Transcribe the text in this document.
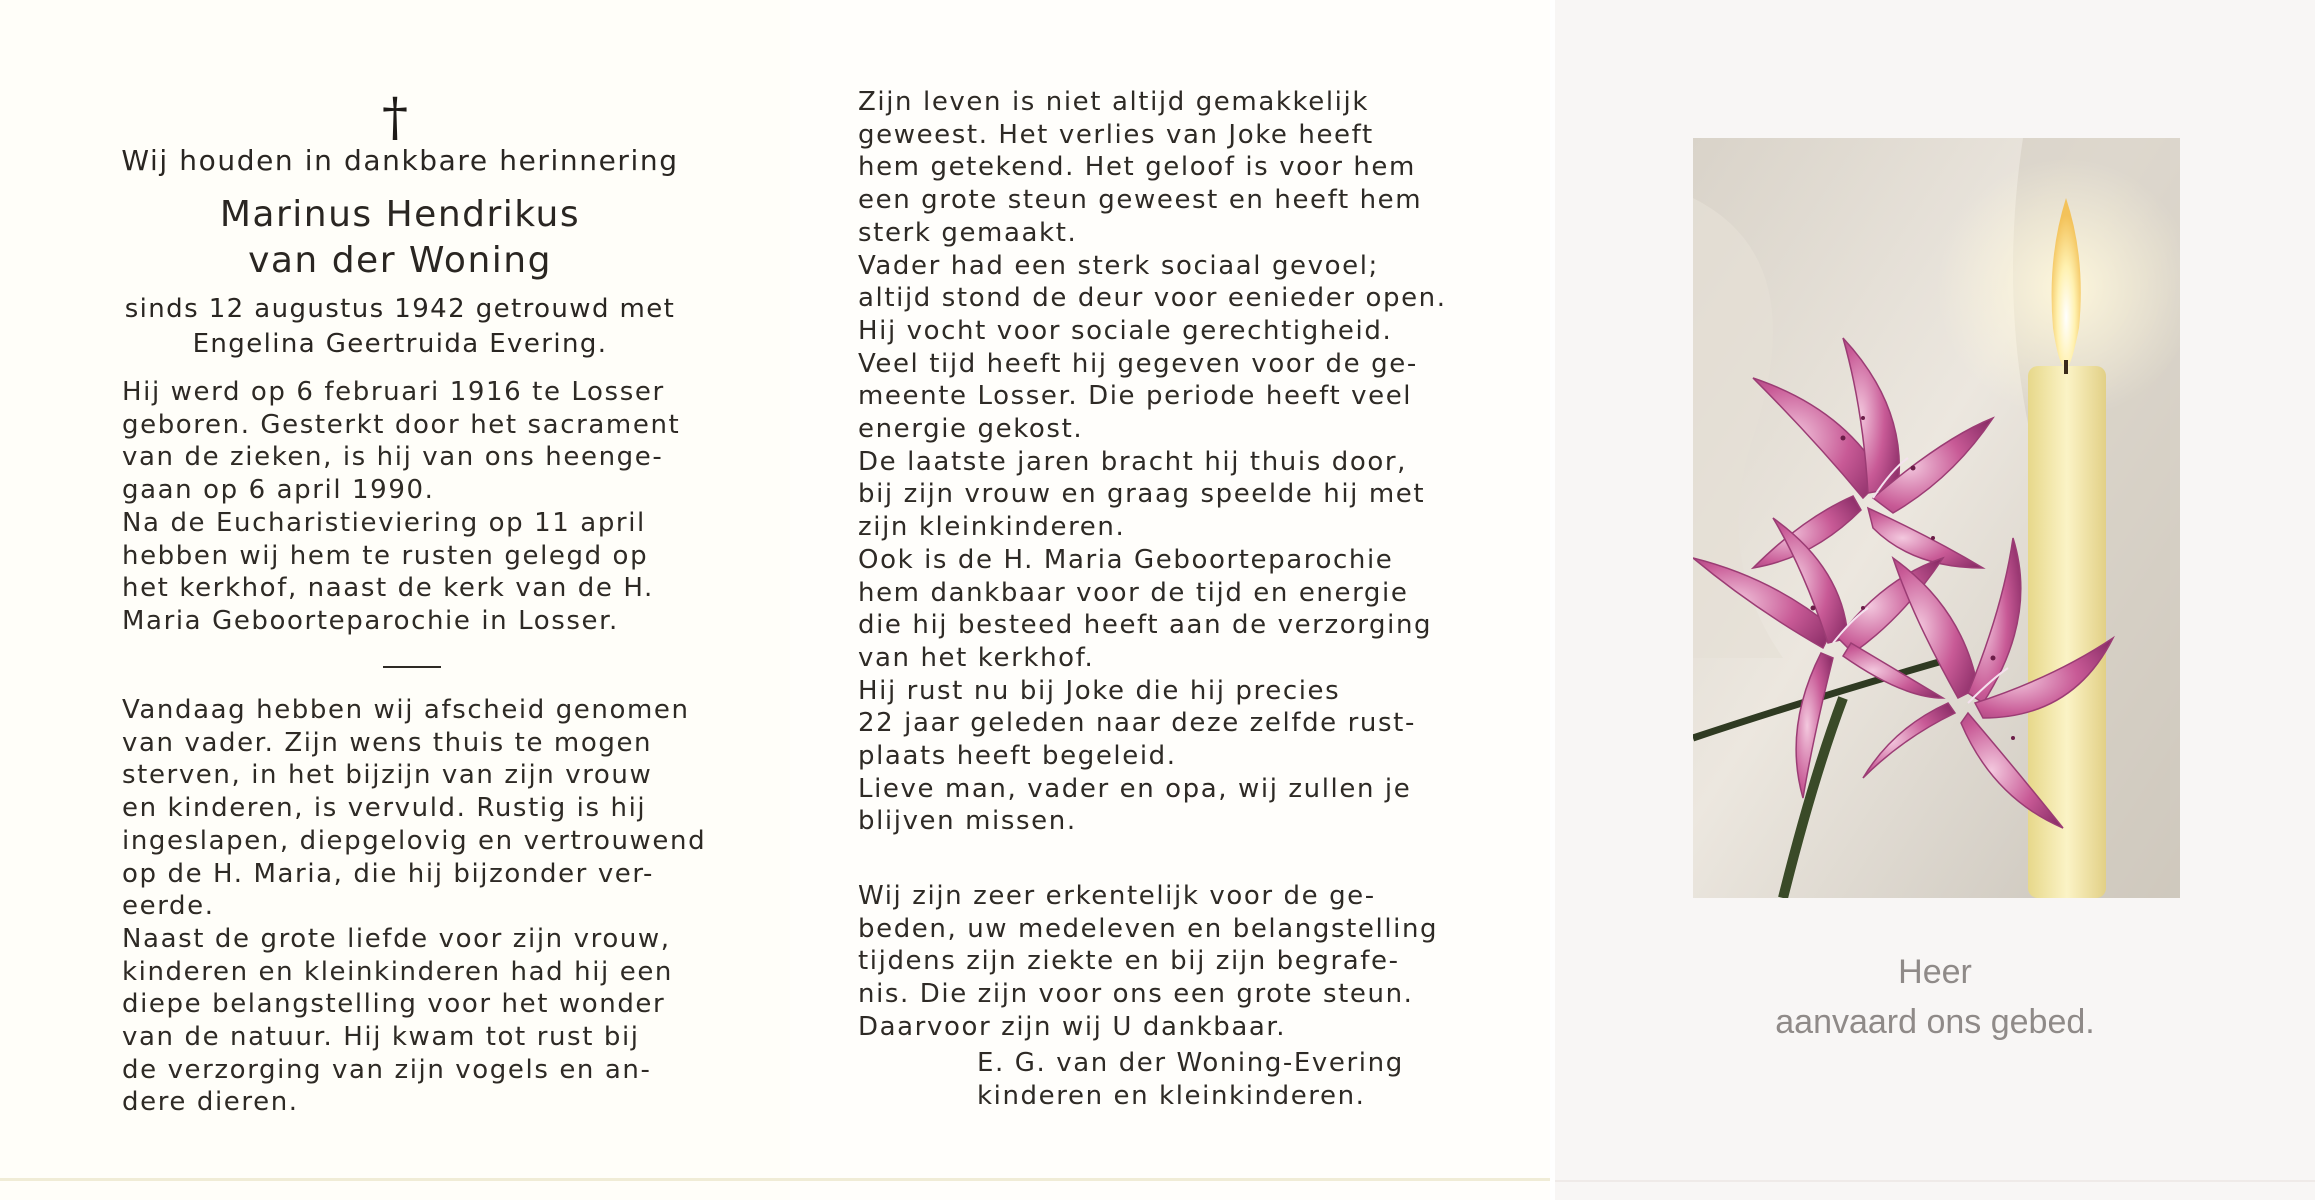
†
Wij houden in dankbare herinnering
Marinus Hendrikus
van der Woning
sinds 12 augustus 1942 getrouwd met
Engelina Geertruida Evering.
Hij werd op 6 februari 1916 te Losser
geboren. Gesterkt door het sacrament
van de zieken, is hij van ons heenge-
gaan op 6 april 1990.
Na de Eucharistieviering op 11 april
hebben wij hem te rusten gelegd op
het kerkhof, naast de kerk van de H.
Maria Geboorteparochie in Losser.
Vandaag hebben wij afscheid genomen
van vader. Zijn wens thuis te mogen
sterven, in het bijzijn van zijn vrouw
en kinderen, is vervuld. Rustig is hij
ingeslapen, diepgelovig en vertrouwend
op de H. Maria, die hij bijzonder ver-
eerde.
Naast de grote liefde voor zijn vrouw,
kinderen en kleinkinderen had hij een
diepe belangstelling voor het wonder
van de natuur. Hij kwam tot rust bij
de verzorging van zijn vogels en an-
dere dieren.
Zijn leven is niet altijd gemakkelijk
geweest. Het verlies van Joke heeft
hem getekend. Het geloof is voor hem
een grote steun geweest en heeft hem
sterk gemaakt.
Vader had een sterk sociaal gevoel;
altijd stond de deur voor eenieder open.
Hij vocht voor sociale gerechtigheid.
Veel tijd heeft hij gegeven voor de ge-
meente Losser. Die periode heeft veel
energie gekost.
De laatste jaren bracht hij thuis door,
bij zijn vrouw en graag speelde hij met
zijn kleinkinderen.
Ook is de H. Maria Geboorteparochie
hem dankbaar voor de tijd en energie
die hij besteed heeft aan de verzorging
van het kerkhof.
Hij rust nu bij Joke die hij precies
22 jaar geleden naar deze zelfde rust-
plaats heeft begeleid.
Lieve man, vader en opa, wij zullen je
blijven missen.
Wij zijn zeer erkentelijk voor de ge-
beden, uw medeleven en belangstelling
tijdens zijn ziekte en bij zijn begrafe-
nis. Die zijn voor ons een grote steun.
Daarvoor zijn wij U dankbaar.
E. G. van der Woning-Evering
kinderen en kleinkinderen.
Heer
aanvaard ons gebed.
